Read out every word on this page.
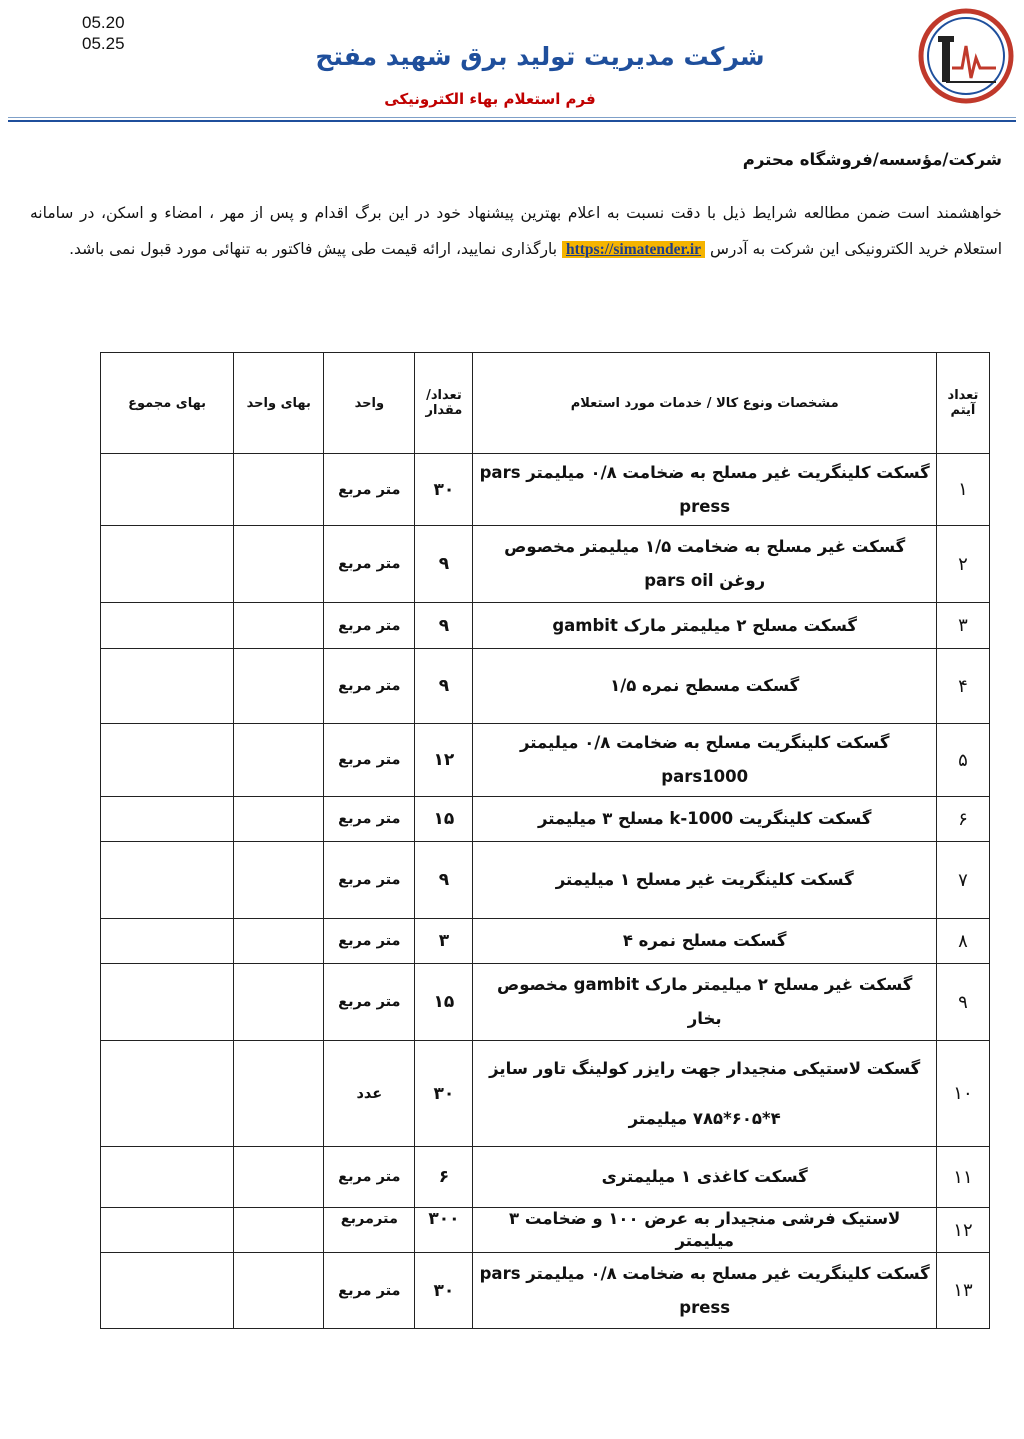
05.20
05.25	شرکت مدیریت تولید برق شهید مفتح
فرم استعلام بهاء الکترونیکی
شرکت/مؤسسه/فروشگاه محترم
خواهشمند است ضمن مطالعه شرایط ذیل با دقت نسبت به اعلام بهترین پیشنهاد خود در این برگ اقدام و پس از مهر ، امضاء و اسکن، در سامانه استعلام خرید الکترونیکی این شرکت به آدرس https://simatender.ir بارگذاری نمایید، ارائه قیمت طی پیش فاکتور به تنهائی مورد قبول نمی باشد.
تعداد آیتم	مشخصات ونوع کالا / خدمات مورد استعلام	تعداد/ مقدار	واحد	بهای واحد	بهای مجموع
۱	گسکت کلینگریت غیر مسلح به ضخامت ۰/۸ میلیمتر pars press	۳۰	متر مربع		
۲	گسکت غیر مسلح به ضخامت ۱/۵ میلیمتر مخصوص روغن pars oil	۹	متر مربع		
۳	گسکت مسلح ۲ میلیمتر مارک gambit	۹	متر مربع		
۴	گسکت مسطح نمره ۱/۵	۹	متر مربع		
۵	گسکت کلینگریت مسلح به ضخامت ۰/۸ میلیمتر pars1000	۱۲	متر مربع		
۶	گسکت کلینگریت k-1000 مسلح ۳ میلیمتر	۱۵	متر مربع		
۷	گسکت کلینگریت غیر مسلح ۱ میلیمتر	۹	متر مربع		
۸	گسکت مسلح نمره ۴	۳	متر مربع		
۹	گسکت غیر مسلح ۲ میلیمتر مارک gambit مخصوص بخار	۱۵	متر مربع		
۱۰	گسکت لاستیکی منجیدار جهت رایزر کولینگ تاور سایز ۴*۶۰۵*۷۸۵ میلیمتر	۳۰	عدد		
۱۱	گسکت کاغذی ۱ میلیمتری	۶	متر مربع		
۱۲	لاستیک فرشی منجیدار به عرض ۱۰۰ و ضخامت ۳ میلیمتر	۳۰۰	مترمربع		
۱۳	گسکت کلینگریت غیر مسلح به ضخامت ۰/۸ میلیمتر pars press	۳۰	متر مربع		
